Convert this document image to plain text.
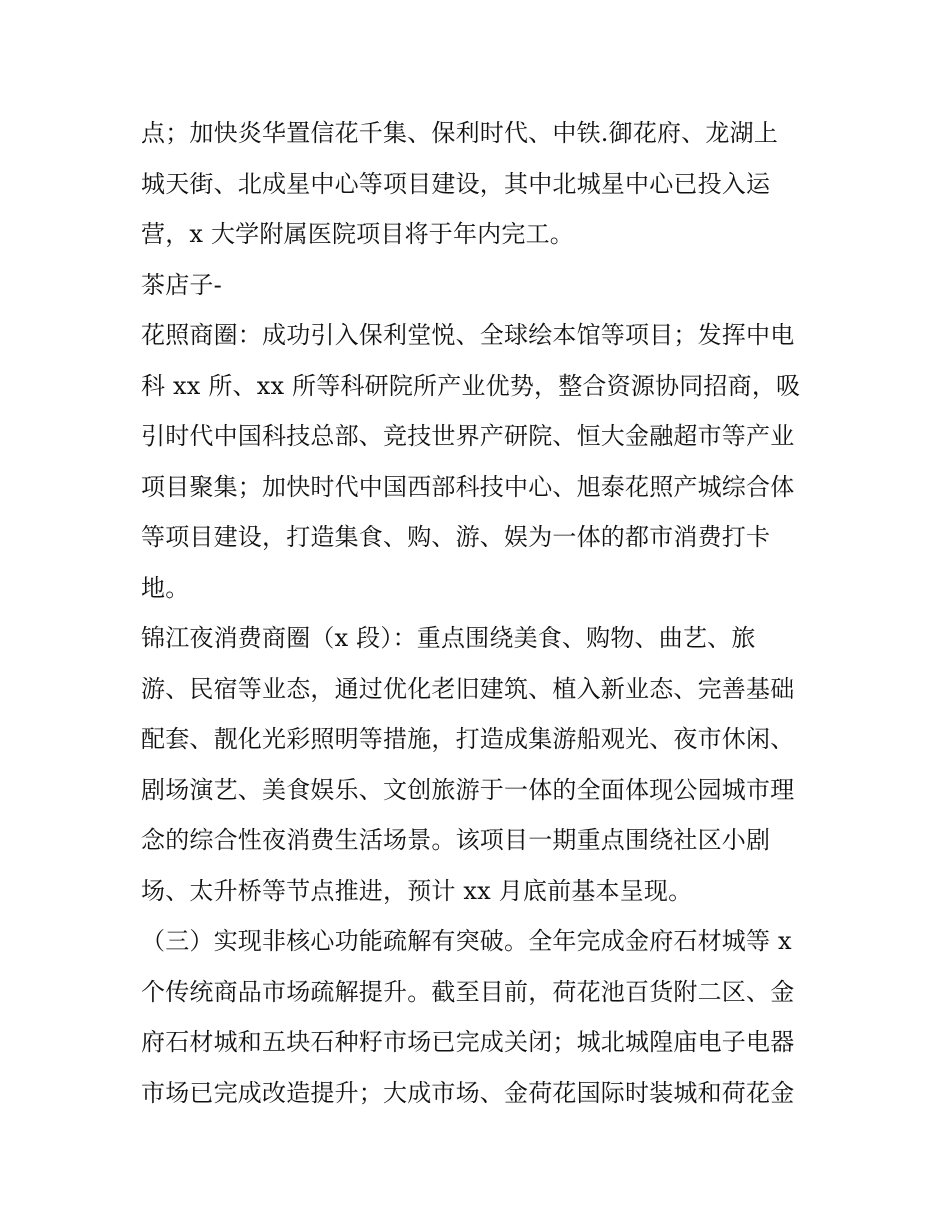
点；加快炎华置信花千集、保利时代、中铁.御花府、龙湖上
城天街、北成星中心等项目建设，其中北城星中心已投入运
营，x 大学附属医院项目将于年内完工。
茶店子-
花照商圈：成功引入保利堂悦、全球绘本馆等项目；发挥中电
科 xx 所、xx 所等科研院所产业优势，整合资源协同招商，吸
引时代中国科技总部、竞技世界产研院、恒大金融超市等产业
项目聚集；加快时代中国西部科技中心、旭泰花照产城综合体
等项目建设，打造集食、购、游、娱为一体的都市消费打卡
地。
锦江夜消费商圈（x 段）：重点围绕美食、购物、曲艺、旅
游、民宿等业态，通过优化老旧建筑、植入新业态、完善基础
配套、靓化光彩照明等措施，打造成集游船观光、夜市休闲、
剧场演艺、美食娱乐、文创旅游于一体的全面体现公园城市理
念的综合性夜消费生活场景。该项目一期重点围绕社区小剧
场、太升桥等节点推进，预计 xx 月底前基本呈现。
（三）实现非核心功能疏解有突破。全年完成金府石材城等 x
个传统商品市场疏解提升。截至目前，荷花池百货附二区、金
府石材城和五块石种籽市场已完成关闭；城北城隍庙电子电器
市场已完成改造提升；大成市场、金荷花国际时装城和荷花金
